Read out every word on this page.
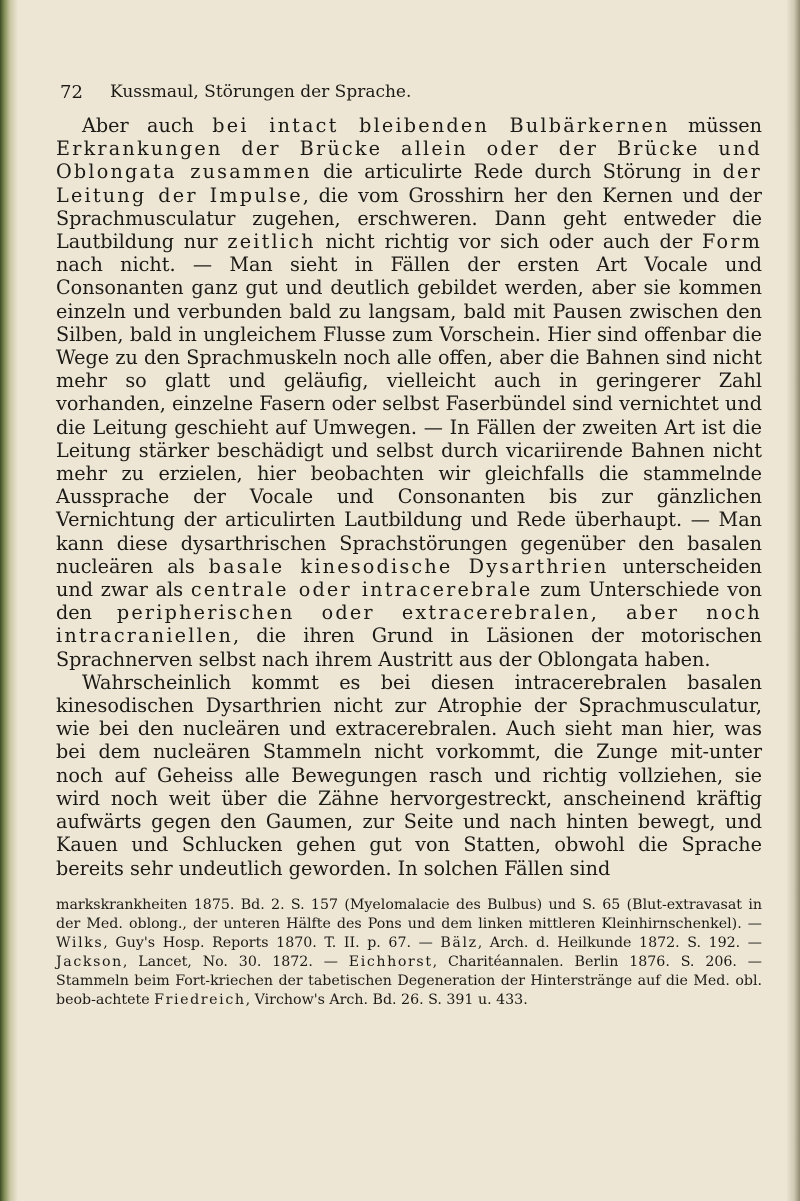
72 Kussmaul, Störungen der Sprache.

Aber auch bei intact bleibenden Bulbärkernen müssen Erkrankungen der Brücke allein oder der Brücke und Oblongata zusammen die articulirte Rede durch Störung in der Leitung der Impulse, die vom Grosshirn her den Kernen und der Sprachmusculatur zugehen, erschweren. Dann geht entweder die Lautbildung nur zeitlich nicht richtig vor sich oder auch der Form nach nicht. — Man sieht in Fällen der ersten Art Vocale und Consonanten ganz gut und deutlich gebildet werden, aber sie kommen einzeln und verbunden bald zu langsam, bald mit Pausen zwischen den Silben, bald in ungleichem Flusse zum Vorschein. Hier sind offenbar die Wege zu den Sprachmuskeln noch alle offen, aber die Bahnen sind nicht mehr so glatt und geläufig, vielleicht auch in geringerer Zahl vorhanden, einzelne Fasern oder selbst Faserbündel sind vernichtet und die Leitung geschieht auf Umwegen. — In Fällen der zweiten Art ist die Leitung stärker beschädigt und selbst durch vicariirende Bahnen nicht mehr zu erzielen, hier beobachten wir gleichfalls die stammelnde Aussprache der Vocale und Consonanten bis zur gänzlichen Vernichtung der articulirten Lautbildung und Rede überhaupt. — Man kann diese dysarthrischen Sprachstörungen gegenüber den basalen nucleären als basale kinesodische Dysarthrien unterscheiden und zwar als centrale oder intracerebrale zum Unterschiede von den peripherischen oder extracerebralen, aber noch intracraniellen, die ihren Grund in Läsionen der motorischen Sprachnerven selbst nach ihrem Austritt aus der Oblongata haben.

Wahrscheinlich kommt es bei diesen intracerebralen basalen kinesodischen Dysarthrien nicht zur Atrophie der Sprachmusculatur, wie bei den nucleären und extracerebralen. Auch sieht man hier, was bei dem nucleären Stammeln nicht vorkommt, die Zunge mit-unter noch auf Geheiss alle Bewegungen rasch und richtig vollziehen, sie wird noch weit über die Zähne hervorgestreckt, anscheinend kräftig aufwärts gegen den Gaumen, zur Seite und nach hinten bewegt, und Kauen und Schlucken gehen gut von Statten, obwohl die Sprache bereits sehr undeutlich geworden. In solchen Fällen sind

markskrankheiten 1875. Bd. 2. S. 157 (Myelomalacie des Bulbus) und S. 65 (Blut-extravasat in der Med. oblong., der unteren Hälfte des Pons und dem linken mittleren Kleinhirnschenkel). — Wilks, Guy's Hosp. Reports 1870. T. II. p. 67. — Bälz, Arch. d. Heilkunde 1872. S. 192. — Jackson, Lancet, No. 30. 1872. — Eichhorst, Charitéannalen. Berlin 1876. S. 206. — Stammeln beim Fort-kriechen der tabetischen Degeneration der Hinterstränge auf die Med. obl. beob-achtete Friedreich, Virchow's Arch. Bd. 26. S. 391 u. 433.
